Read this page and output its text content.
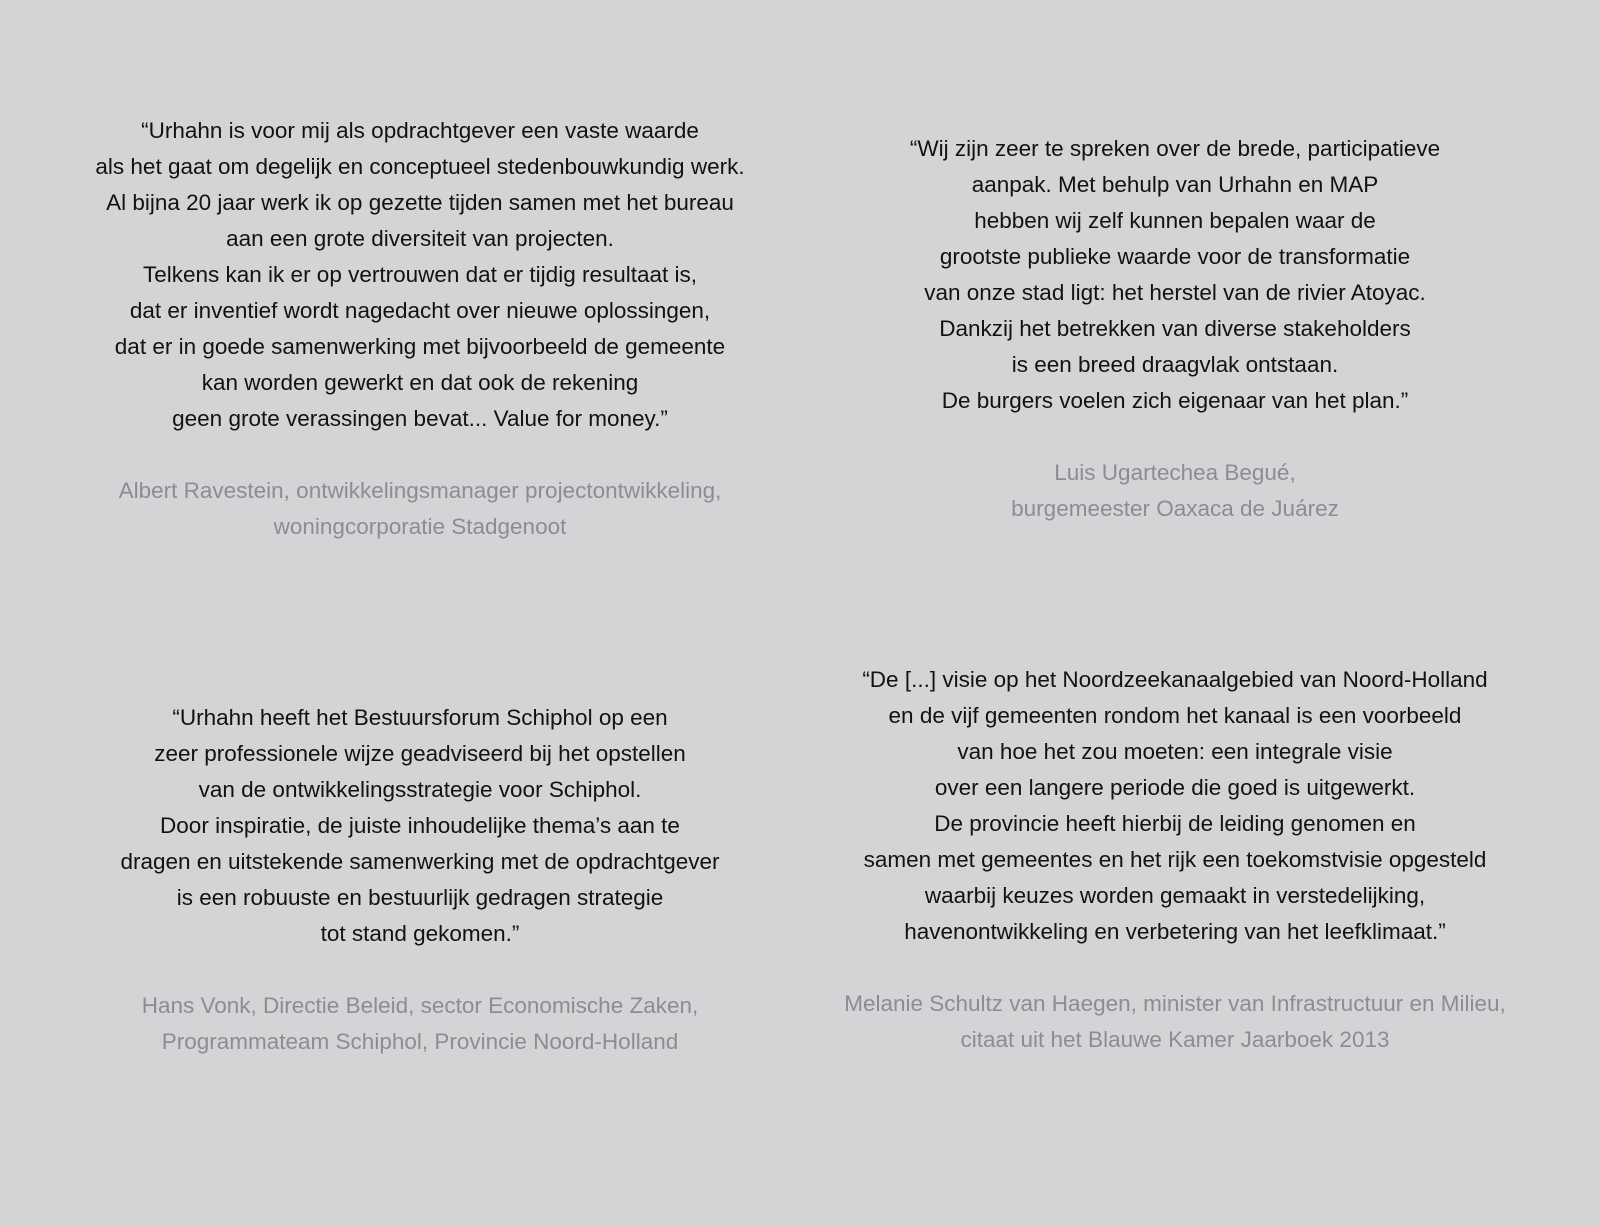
“Urhahn is voor mij als opdrachtgever een vaste waarde
als het gaat om degelijk en conceptueel stedenbouwkundig werk.
Al bijna 20 jaar werk ik op gezette tijden samen met het bureau
aan een grote diversiteit van projecten.
Telkens kan ik er op vertrouwen dat er tijdig resultaat is,
dat er inventief wordt nagedacht over nieuwe oplossingen,
dat er in goede samenwerking met bijvoorbeeld de gemeente
kan worden gewerkt en dat ook de rekening
geen grote verassingen bevat... Value for money.”
Albert Ravestein, ontwikkelingsmanager projectontwikkeling,
woningcorporatie Stadgenoot
“Wij zijn zeer te spreken over de brede, participatieve
aanpak. Met behulp van Urhahn en MAP
hebben wij zelf kunnen bepalen waar de
grootste publieke waarde voor de transformatie
van onze stad ligt: het herstel van de rivier Atoyac.
Dankzij het betrekken van diverse stakeholders
is een breed draagvlak ontstaan.
De burgers voelen zich eigenaar van het plan.”
Luis Ugartechea Begué,
burgemeester Oaxaca de Juárez
“Urhahn heeft het Bestuursforum Schiphol op een
zeer professionele wijze geadviseerd bij het opstellen
van de ontwikkelingsstrategie voor Schiphol.
Door inspiratie, de juiste inhoudelijke thema’s aan te
dragen en uitstekende samenwerking met de opdrachtgever
is een robuuste en bestuurlijk gedragen strategie
tot stand gekomen.”
Hans Vonk, Directie Beleid, sector Economische Zaken,
Programmateam Schiphol, Provincie Noord-Holland
“De [...] visie op het Noordzeekanaalgebied van Noord-Holland
en de vijf gemeenten rondom het kanaal is een voorbeeld
van hoe het zou moeten: een integrale visie
over een langere periode die goed is uitgewerkt.
De provincie heeft hierbij de leiding genomen en
samen met gemeentes en het rijk een toekomstvisie opgesteld
waarbij keuzes worden gemaakt in verstedelijking,
havenontwikkeling en verbetering van het leefklimaat.”
Melanie Schultz van Haegen, minister van Infrastructuur en Milieu,
citaat uit het Blauwe Kamer Jaarboek 2013
